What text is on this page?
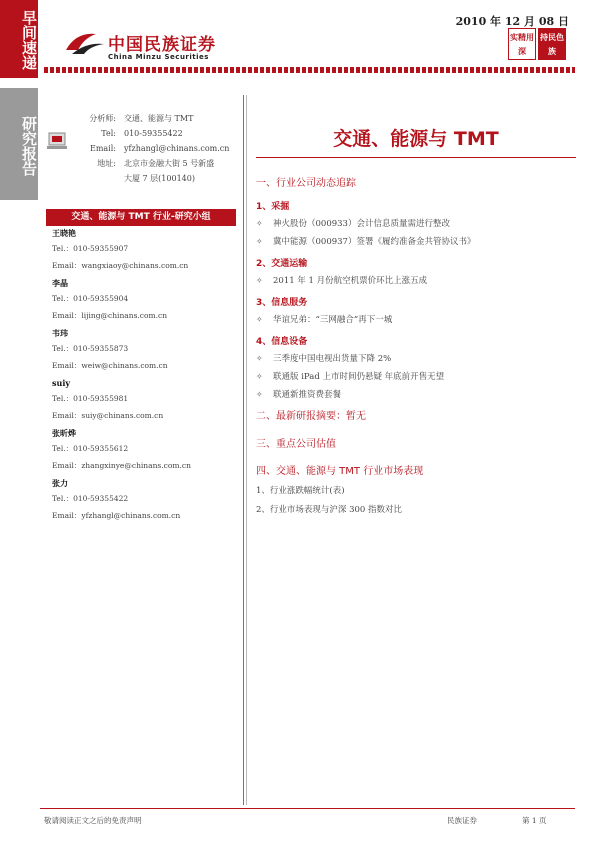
早间速递
研究报告
中国民族证券
China Minzu Securities
2010 年 12 月 08 日
实精用深
持民色族
分析师: 交通、能源与 TMT
Tel: 010-59355422
Email: yfzhangl@chinans.com.cn
地址: 北京市金融大街 5 号新盛
大厦 7 层(100140)
交通、能源与 TMT 行业-研究小组
王晓艳
Tel.：010-59355907
Email：wangxiaoy@chinans.com.cn
李晶
Tel.：010-59355904
Email：lijing@chinans.com.cn
韦玮
Tel.：010-59355873
Email：weiw@chinans.com.cn
suiy
Tel.：010-59355981
Email：suiy@chinans.com.cn
张昕烨
Tel.：010-59355612
Email：zhangxinye@chinans.com.cn
张力
Tel.：010-59355422
Email：yfzhangl@chinans.com.cn
交通、能源与 TMT
一、行业公司动态追踪
1、采掘
✧	神火股份（000933）会计信息质量需进行整改
✧	冀中能源（000937）签署《履约准备金共管协议书》
2、交通运输
✧	2011 年 1 月份航空机票价环比上涨五成
3、信息服务
✧	华谊兄弟：“三网融合”再下一城
4、信息设备
✧	三季度中国电视出货量下降 2%
✧	联通版 iPad 上市时间仍悬疑 年底前开售无望
✧	联通新推资费套餐
二、最新研报摘要：暂无
三、重点公司估值
四、交通、能源与 TMT 行业市场表现
1、行业涨跌幅统计(表)
2、行业市场表现与沪深 300 指数对比
敬请阅读正文之后的免责声明	民族证券	第 1 页
